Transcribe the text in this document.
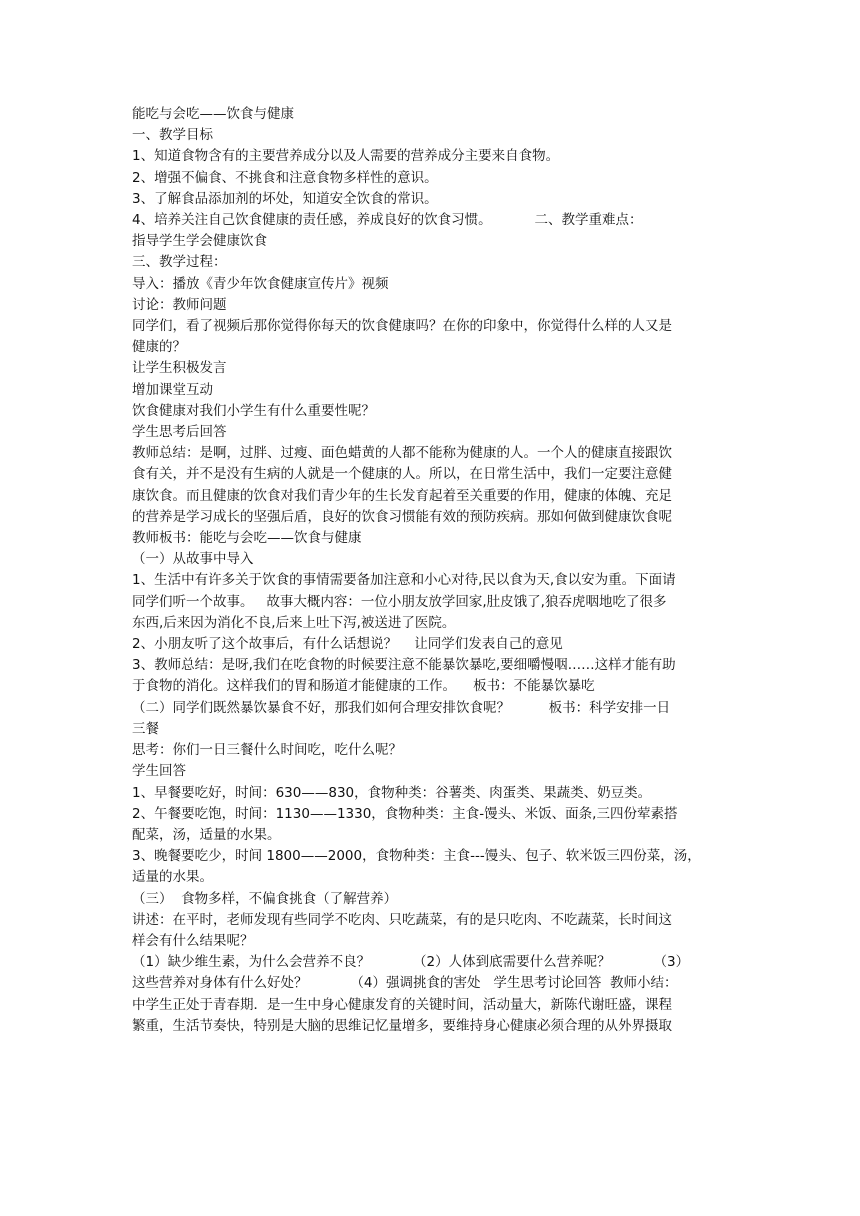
能吃与会吃——饮食与健康

一、教学目标

1、知道食物含有的主要营养成分以及人需要的营养成分主要来自食物。

2、增强不偏食、不挑食和注意食物多样性的意识。

3、了解食品添加剂的坏处，知道安全饮食的常识。

4、培养关注自己饮食健康的责任感，养成良好的饮食习惯。          二、教学重难点：

指导学生学会健康饮食

三、教学过程：

导入：播放《青少年饮食健康宣传片》视频

讨论：教师问题

同学们，看了视频后那你觉得你每天的饮食健康吗？在你的印象中，你觉得什么样的人又是

健康的？

让学生积极发言

增加课堂互动

饮食健康对我们小学生有什么重要性呢？

学生思考后回答

教师总结：是啊，过胖、过瘦、面色蜡黄的人都不能称为健康的人。一个人的健康直接跟饮

食有关，并不是没有生病的人就是一个健康的人。所以，在日常生活中，我们一定要注意健

康饮食。而且健康的饮食对我们青少年的生长发育起着至关重要的作用，健康的体魄、充足

的营养是学习成长的坚强后盾，良好的饮食习惯能有效的预防疾病。那如何做到健康饮食呢

教师板书：能吃与会吃——饮食与健康

（一）从故事中导入

1、生活中有许多关于饮食的事情需要备加注意和小心对待,民以食为天,食以安为重。下面请

同学们听一个故事。   故事大概内容：一位小朋友放学回家,肚皮饿了,狼吞虎咽地吃了很多

东西,后来因为消化不良,后来上吐下泻,被送进了医院。

2、小朋友听了这个故事后，有什么话想说？    让同学们发表自己的意见

3、教师总结：是呀,我们在吃食物的时候要注意不能暴饮暴吃,要细嚼慢咽……这样才能有助

于食物的消化。这样我们的胃和肠道才能健康的工作。    板书：不能暴饮暴吃

（二）同学们既然暴饮暴食不好，那我们如何合理安排饮食呢？         板书：科学安排一日

三餐

思考：你们一日三餐什么时间吃，吃什么呢？

学生回答

1、早餐要吃好，时间：630——830，食物种类：谷薯类、肉蛋类、果蔬类、奶豆类。

2、午餐要吃饱，时间：1130——1330，食物种类：主食-馒头、米饭、面条,三四份荤素搭

配菜，汤，适量的水果。

3、晚餐要吃少，时间 1800——2000，食物种类：主食---馒头、包子、软米饭三四份菜，汤，

适量的水果。

（三）  食物多样，不偏食挑食（了解营养）

讲述：在平时，老师发现有些同学不吃肉、只吃蔬菜，有的是只吃肉、不吃蔬菜，长时间这

样会有什么结果呢？

（1）缺少维生素，为什么会营养不良？          （2）人体到底需要什么营养呢？          （3）

这些营养对身体有什么好处？          （4）强调挑食的害处   学生思考讨论回答  教师小结：

中学生正处于青春期．是一生中身心健康发育的关键时间，活动量大，新陈代谢旺盛，课程

繁重，生活节奏快，特别是大脑的思维记忆量增多，要维持身心健康必须合理的从外界摄取
